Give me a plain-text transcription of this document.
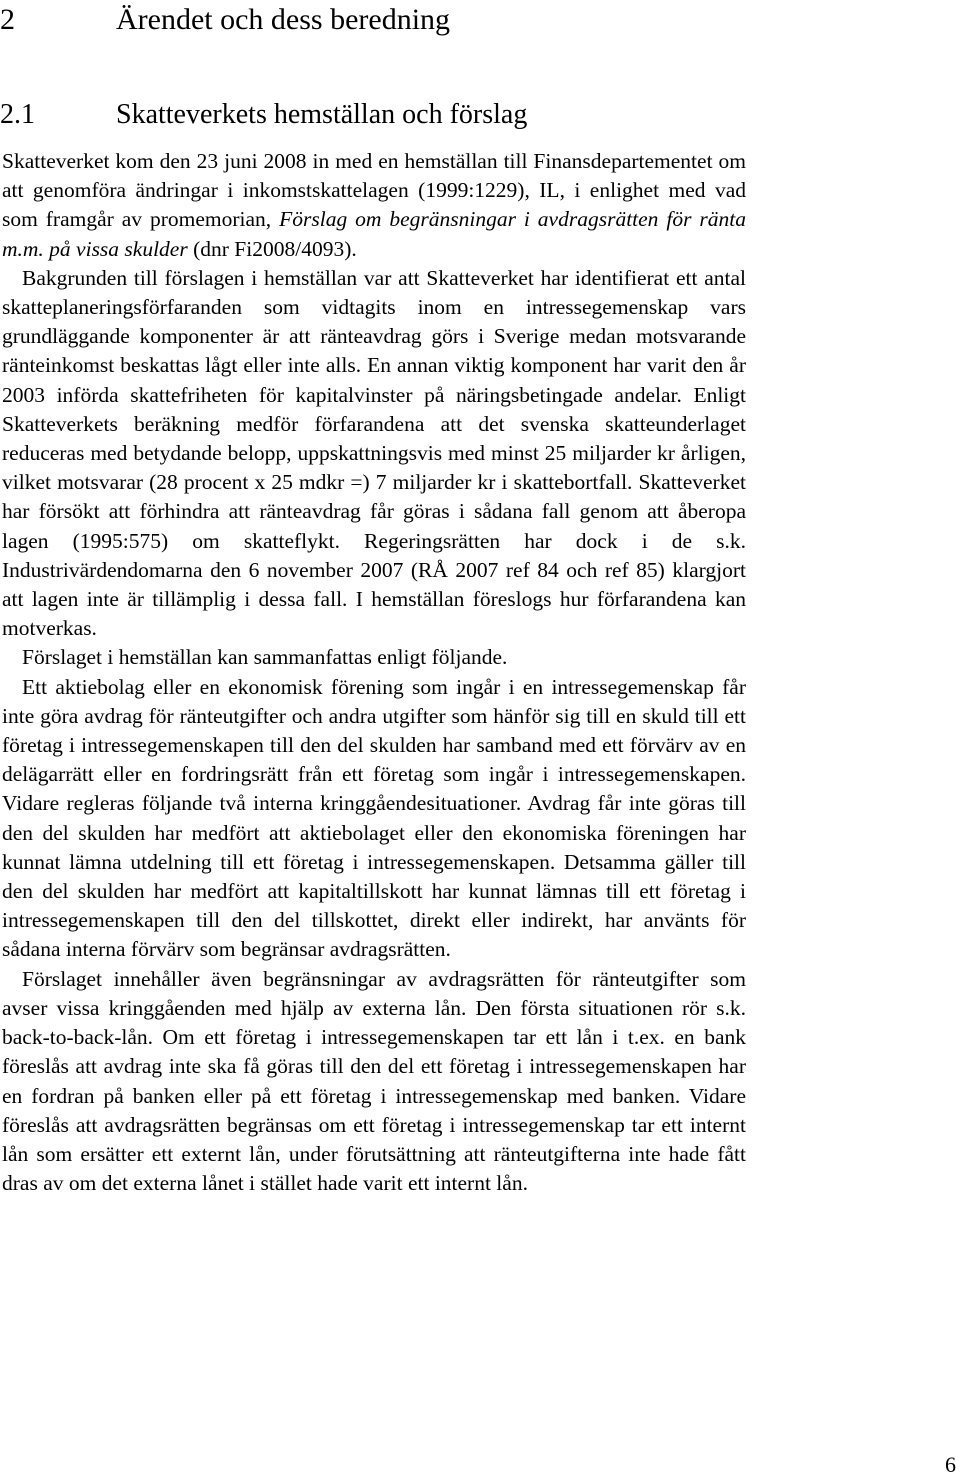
2	Ärendet och dess beredning
2.1	Skatteverkets hemställan och förslag

Skatteverket kom den 23 juni 2008 in med en hemställan till Finansdepartementet om att genomföra ändringar i inkomstskattelagen (1999:1229), IL, i enlighet med vad som framgår av promemorian, Förslag om begränsningar i avdragsrätten för ränta m.m. på vissa skulder (dnr Fi2008/4093).

Bakgrunden till förslagen i hemställan var att Skatteverket har identifierat ett antal skatteplaneringsförfaranden som vidtagits inom en intressegemenskap vars grundläggande komponenter är att ränteavdrag görs i Sverige medan motsvarande ränteinkomst beskattas lågt eller inte alls. En annan viktig komponent har varit den år 2003 införda skattefriheten för kapitalvinster på näringsbetingade andelar. Enligt Skatteverkets beräkning medför förfarandena att det svenska skatteunderlaget reduceras med betydande belopp, uppskattningsvis med minst 25 miljarder kr årligen, vilket motsvarar (28 procent x 25 mdkr =) 7 miljarder kr i skattebortfall. Skatteverket har försökt att förhindra att ränteavdrag får göras i sådana fall genom att åberopa lagen (1995:575) om skatteflykt. Regeringsrätten har dock i de s.k. Industrivärdendomarna den 6 november 2007 (RÅ 2007 ref 84 och ref 85) klargjort att lagen inte är tillämplig i dessa fall. I hemställan föreslogs hur förfarandena kan motverkas.

Förslaget i hemställan kan sammanfattas enligt följande.

Ett aktiebolag eller en ekonomisk förening som ingår i en intressegemenskap får inte göra avdrag för ränteutgifter och andra utgifter som hänför sig till en skuld till ett företag i intressegemenskapen till den del skulden har samband med ett förvärv av en delägarrätt eller en fordringsrätt från ett företag som ingår i intressegemenskapen. Vidare regleras följande två interna kringgåendesituationer. Avdrag får inte göras till den del skulden har medfört att aktiebolaget eller den ekonomiska föreningen har kunnat lämna utdelning till ett företag i intressegemenskapen. Detsamma gäller till den del skulden har medfört att kapitaltillskott har kunnat lämnas till ett företag i intressegemenskapen till den del tillskottet, direkt eller indirekt, har använts för sådana interna förvärv som begränsar avdragsrätten.

Förslaget innehåller även begränsningar av avdragsrätten för ränteutgifter som avser vissa kringgåenden med hjälp av externa lån. Den första situationen rör s.k. back-to-back-lån. Om ett företag i intressegemenskapen tar ett lån i t.ex. en bank föreslås att avdrag inte ska få göras till den del ett företag i intressegemenskapen har en fordran på banken eller på ett företag i intressegemenskap med banken. Vidare föreslås att avdragsrätten begränsas om ett företag i intressegemenskap tar ett internt lån som ersätter ett externt lån, under förutsättning att ränteutgifterna inte hade fått dras av om det externa lånet i stället hade varit ett internt lån.

6
